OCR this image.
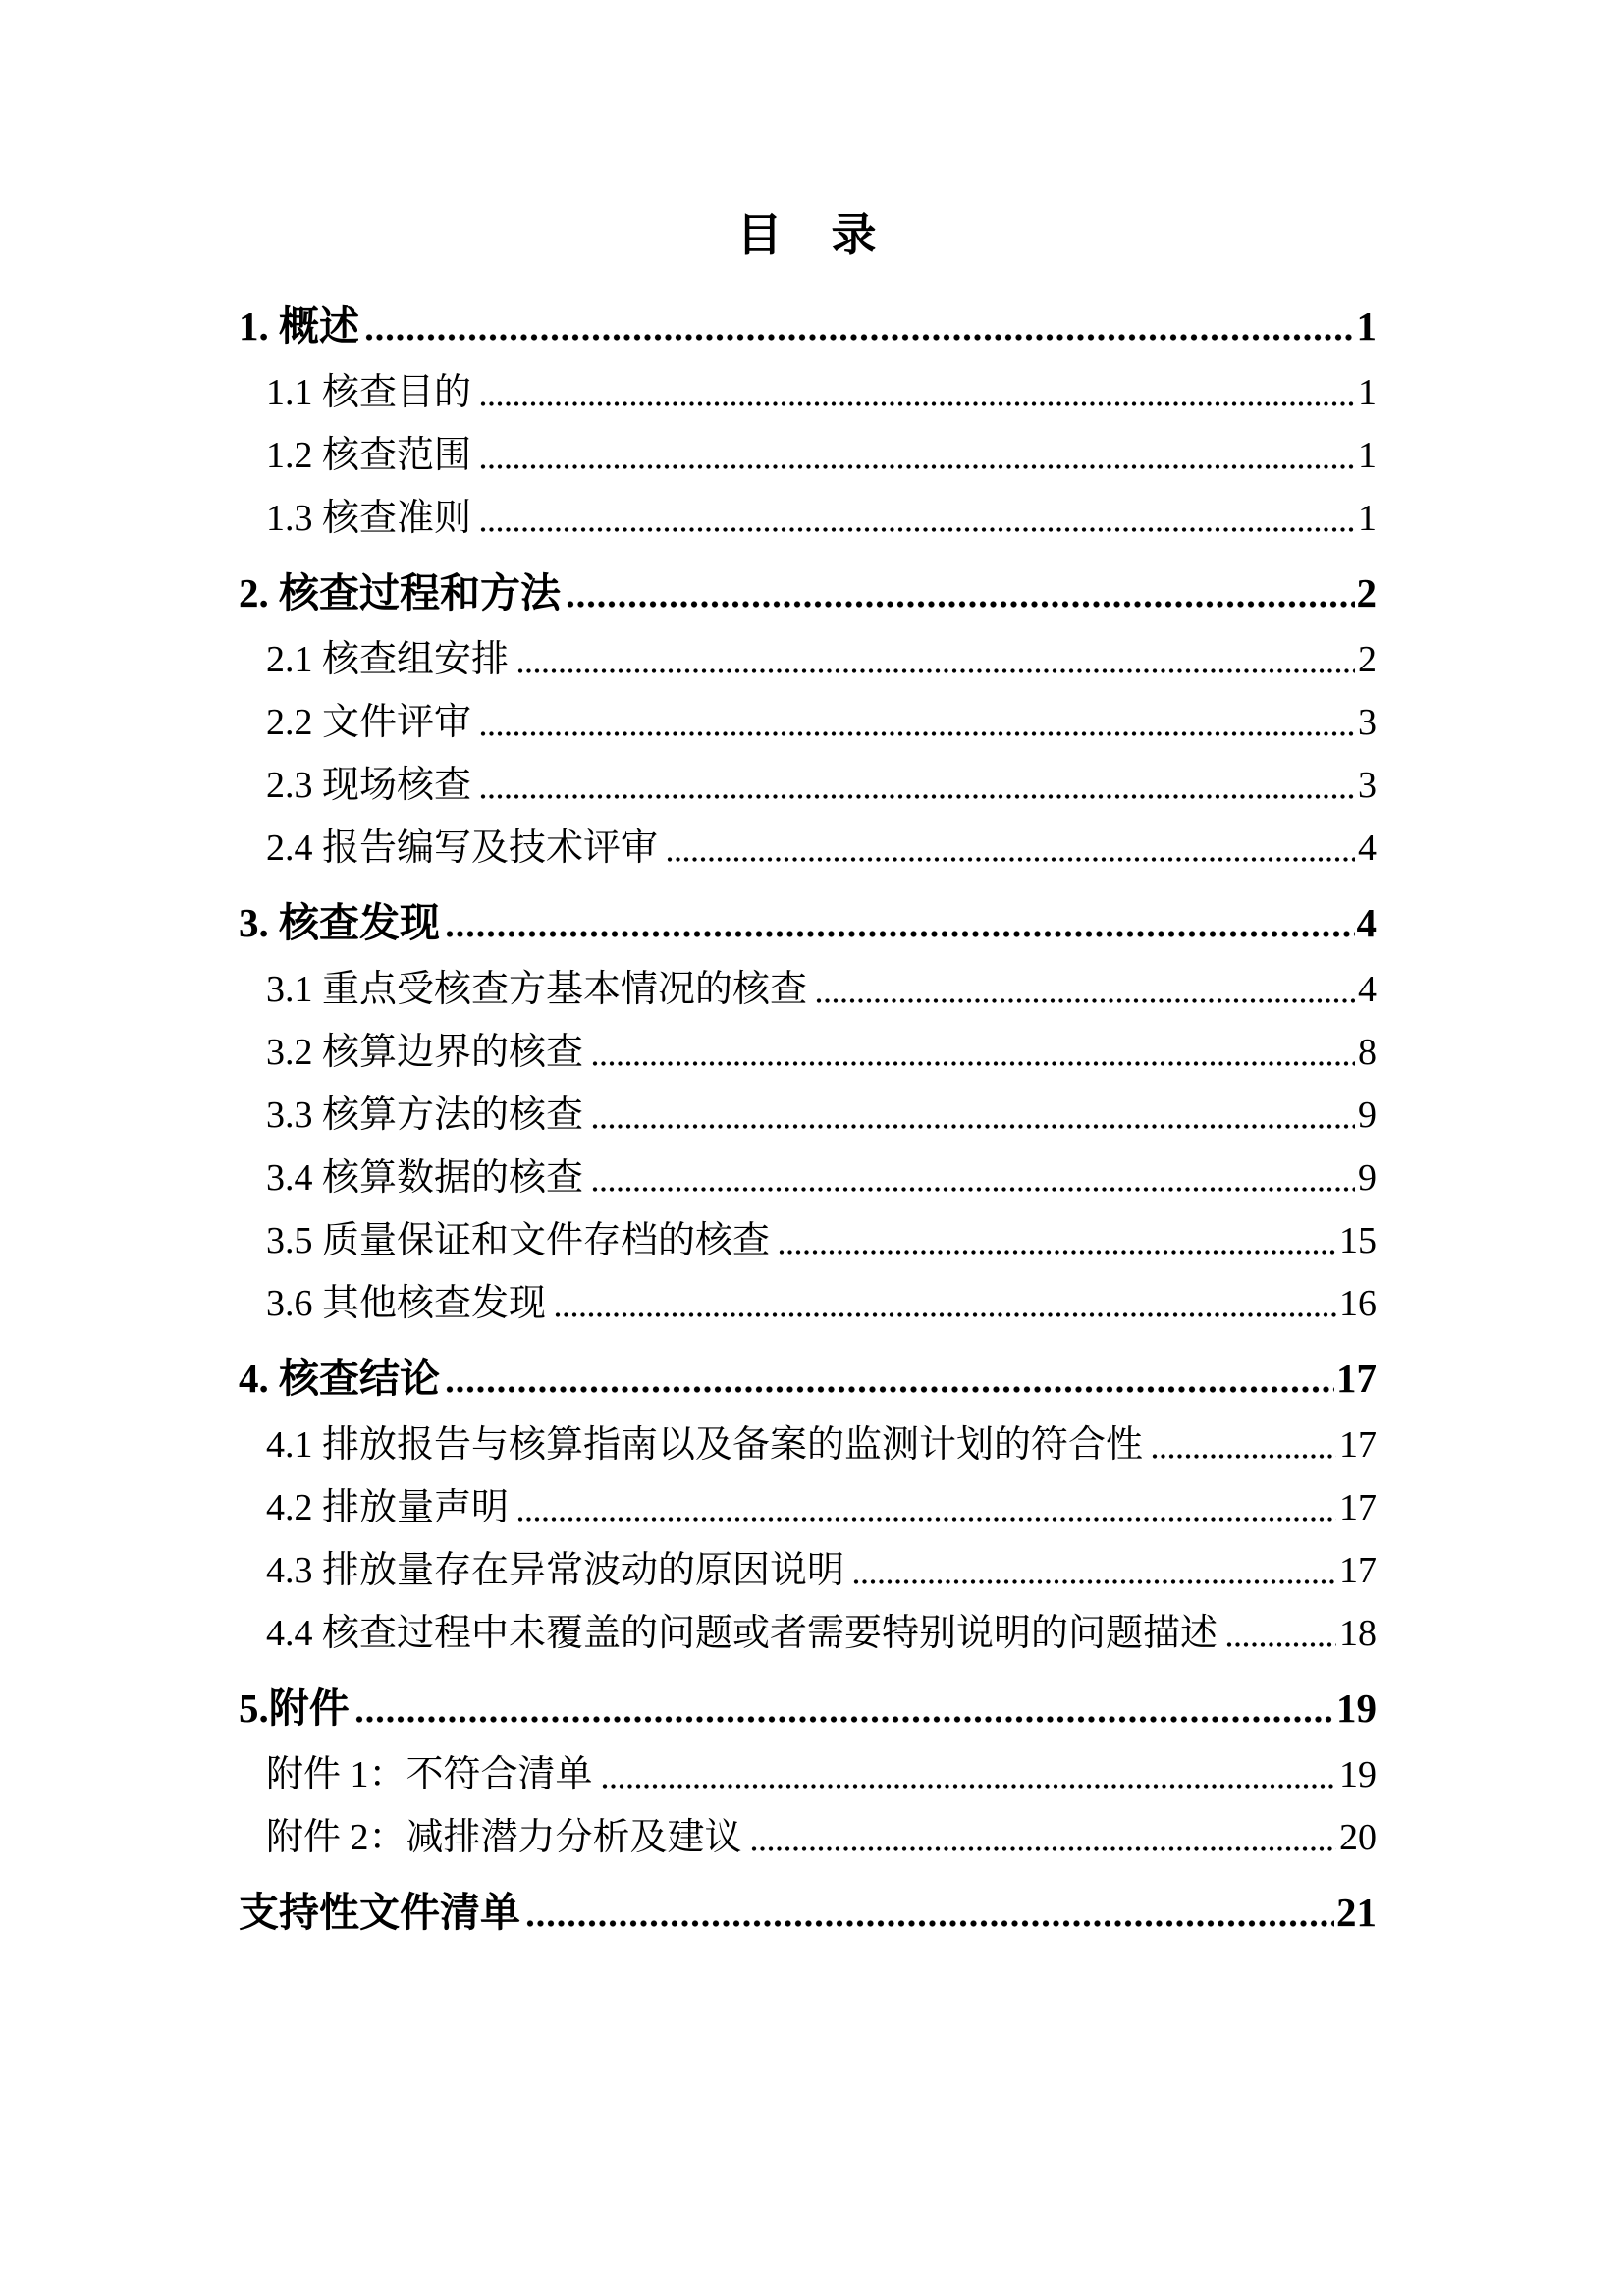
目　录
1. 概述	1
1.1 核查目的	1
1.2 核查范围	1
1.3 核查准则	1
2. 核查过程和方法	2
2.1 核查组安排	2
2.2 文件评审	3
2.3 现场核查	3
2.4 报告编写及技术评审	4
3. 核查发现	4
3.1 重点受核查方基本情况的核查	4
3.2 核算边界的核查	8
3.3 核算方法的核查	9
3.4 核算数据的核查	9
3.5 质量保证和文件存档的核查	15
3.6 其他核查发现	16
4. 核查结论	17
4.1 排放报告与核算指南以及备案的监测计划的符合性	17
4.2 排放量声明	17
4.3 排放量存在异常波动的原因说明	17
4.4 核查过程中未覆盖的问题或者需要特别说明的问题描述	18
5.附件	19
附件 1：不符合清单	19
附件 2：减排潜力分析及建议	20
支持性文件清单	21
